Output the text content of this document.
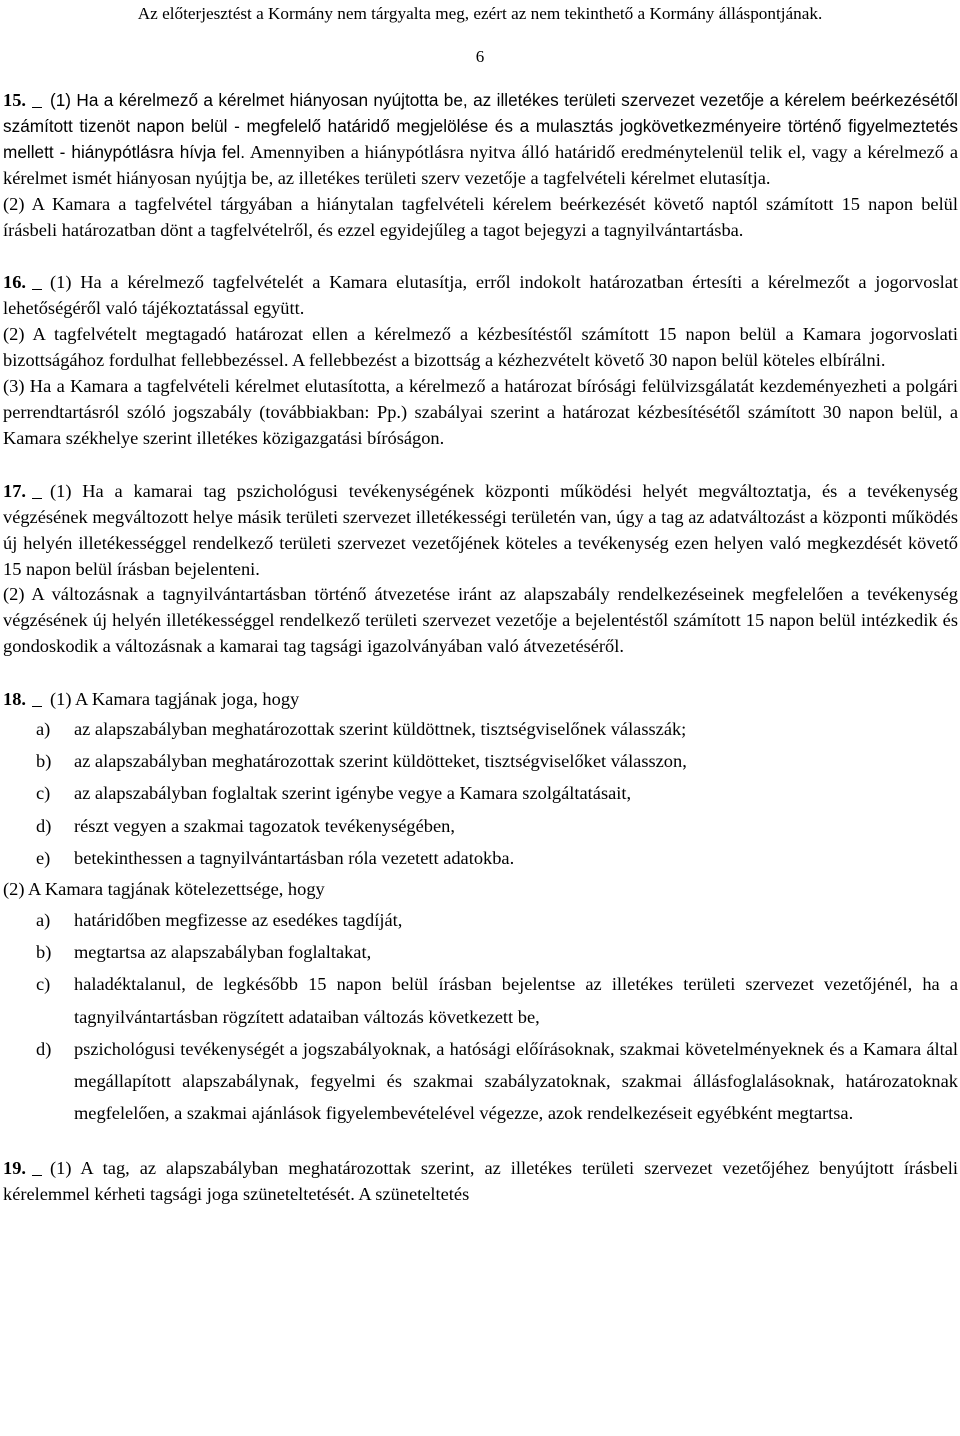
Az előterjesztést a Kormány nem tárgyalta meg, ezért az nem tekinthető a Kormány álláspontjának.
6

15. (1) Ha a kérelmező a kérelmet hiányosan nyújtotta be, az illetékes területi szervezet vezetője a kérelem beérkezésétől számított tizenöt napon belül - megfelelő határidő megjelölése és a mulasztás jogkövetkezményeire történő figyelmeztetés mellett - hiánypótlásra hívja fel. Amennyiben a hiánypótlásra nyitva álló határidő eredménytelenül telik el, vagy a kérelmező a kérelmet ismét hiányosan nyújtja be, az illetékes területi szerv vezetője a tagfelvételi kérelmet elutasítja.

(2) A Kamara a tagfelvétel tárgyában a hiánytalan tagfelvételi kérelem beérkezését követő naptól számított 15 napon belül írásbeli határozatban dönt a tagfelvételről, és ezzel egyidejűleg a tagot bejegyzi a tagnyilvántartásba.

16. (1) Ha a kérelmező tagfelvételét a Kamara elutasítja, erről indokolt határozatban értesíti a kérelmezőt a jogorvoslat lehetőségéről való tájékoztatással együtt.

(2) A tagfelvételt megtagadó határozat ellen a kérelmező a kézbesítéstől számított 15 napon belül a Kamara jogorvoslati bizottságához fordulhat fellebbezéssel. A fellebbezést a bizottság a kézhezvételt követő 30 napon belül köteles elbírálni.

(3) Ha a Kamara a tagfelvételi kérelmet elutasította, a kérelmező a határozat bírósági felülvizsgálatát kezdeményezheti a polgári perrendtartásról szóló jogszabály (továbbiakban: Pp.) szabályai szerint a határozat kézbesítésétől számított 30 napon belül, a Kamara székhelye szerint illetékes közigazgatási bíróságon.

17. (1) Ha a kamarai tag pszichológusi tevékenységének központi működési helyét megváltoztatja, és a tevékenység végzésének megváltozott helye másik területi szervezet illetékességi területén van, úgy a tag az adatváltozást a központi működés új helyén illetékességgel rendelkező területi szervezet vezetőjének köteles a tevékenység ezen helyen való megkezdését követő 15 napon belül írásban bejelenteni.

(2) A változásnak a tagnyilvántartásban történő átvezetése iránt az alapszabály rendelkezéseinek megfelelően a tevékenység végzésének új helyén illetékességgel rendelkező területi szervezet vezetője a bejelentéstől számított 15 napon belül intézkedik és gondoskodik a változásnak a kamarai tag tagsági igazolványában való átvezetéséről.

18. (1) A Kamara tagjának joga, hogy

a) az alapszabályban meghatározottak szerint küldöttnek, tisztségviselőnek válasszák;
b) az alapszabályban meghatározottak szerint küldötteket, tisztségviselőket válasszon,
c) az alapszabályban foglaltak szerint igénybe vegye a Kamara szolgáltatásait,
d) részt vegyen a szakmai tagozatok tevékenységében,
e) betekinthessen a tagnyilvántartásban róla vezetett adatokba.

(2) A Kamara tagjának kötelezettsége, hogy

a) határidőben megfizesse az esedékes tagdíját,
b) megtartsa az alapszabályban foglaltakat,
c) haladéktalanul, de legkésőbb 15 napon belül írásban bejelentse az illetékes területi szervezet vezetőjénél, ha a tagnyilvántartásban rögzített adataiban változás következett be,
d) pszichológusi tevékenységét a jogszabályoknak, a hatósági előírásoknak, szakmai követelményeknek és a Kamara által megállapított alapszabálynak, fegyelmi és szakmai szabályzatoknak, szakmai állásfoglalásoknak, határozatoknak megfelelően, a szakmai ajánlások figyelembevételével végezze, azok rendelkezéseit egyébként megtartsa.

19. (1) A tag, az alapszabályban meghatározottak szerint, az illetékes területi szervezet vezetőjéhez benyújtott írásbeli kérelemmel kérheti tagsági joga szüneteltetését. A szüneteltetés
